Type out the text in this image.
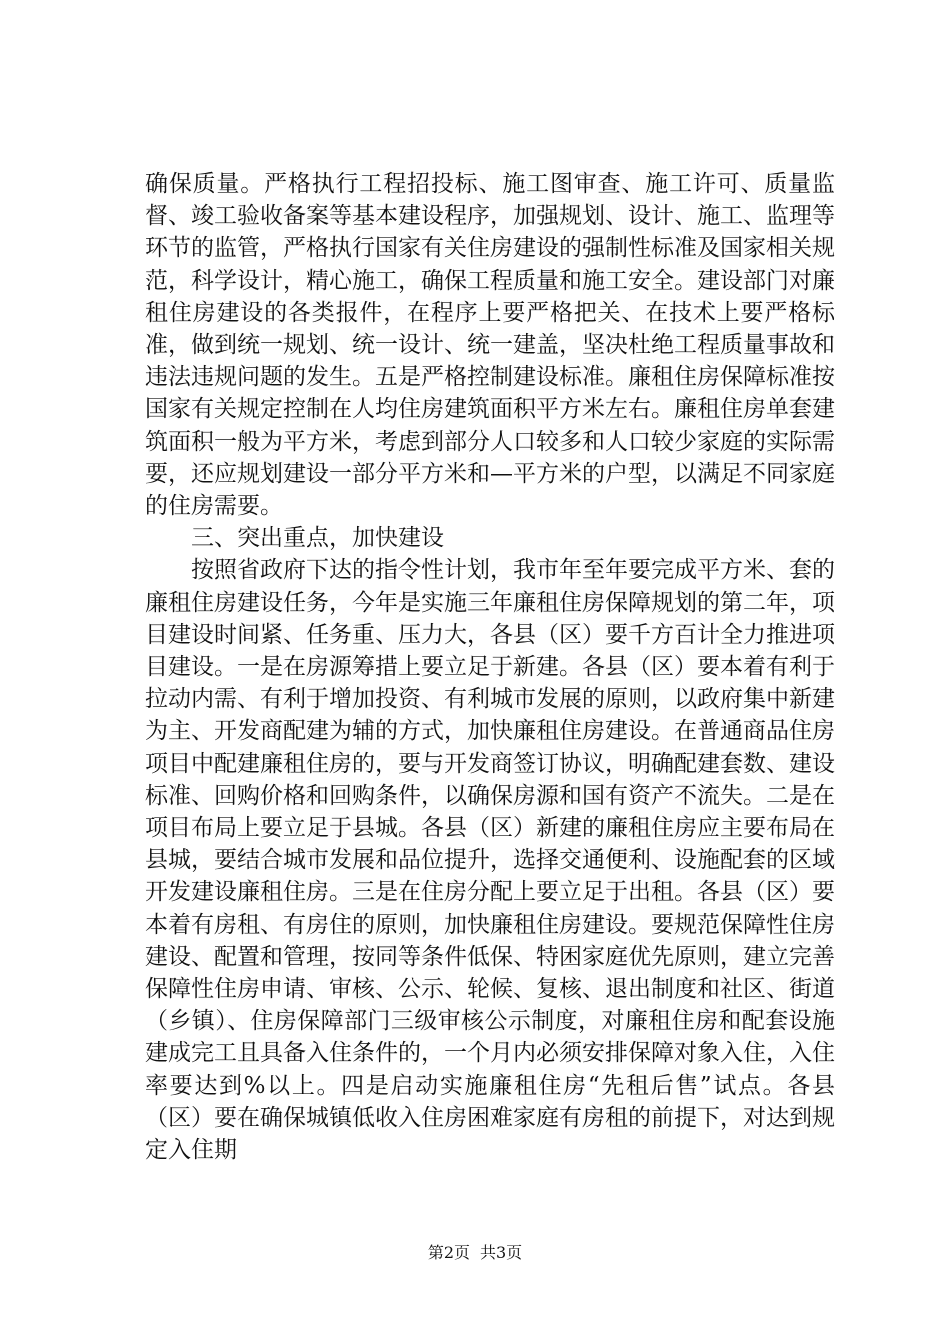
确保质量。严格执行工程招投标、施工图审查、施工许可、质量监督、竣工验收备案等基本建设程序，加强规划、设计、施工、监理等环节的监管，严格执行国家有关住房建设的强制性标准及国家相关规范，科学设计，精心施工，确保工程质量和施工安全。建设部门对廉租住房建设的各类报件，在程序上要严格把关、在技术上要严格标准，做到统一规划、统一设计、统一建盖，坚决杜绝工程质量事故和违法违规问题的发生。五是严格控制建设标准。廉租住房保障标准按国家有关规定控制在人均住房建筑面积平方米左右。廉租住房单套建筑面积一般为平方米，考虑到部分人口较多和人口较少家庭的实际需要，还应规划建设一部分平方米和—平方米的户型，以满足不同家庭的住房需要。

三、突出重点，加快建设

按照省政府下达的指令性计划，我市年至年要完成平方米、套的廉租住房建设任务，今年是实施三年廉租住房保障规划的第二年，项目建设时间紧、任务重、压力大，各县（区）要千方百计全力推进项目建设。一是在房源筹措上要立足于新建。各县（区）要本着有利于拉动内需、有利于增加投资、有利城市发展的原则，以政府集中新建为主、开发商配建为辅的方式，加快廉租住房建设。在普通商品住房项目中配建廉租住房的，要与开发商签订协议，明确配建套数、建设标准、回购价格和回购条件，以确保房源和国有资产不流失。二是在项目布局上要立足于县城。各县（区）新建的廉租住房应主要布局在县城，要结合城市发展和品位提升，选择交通便利、设施配套的区域开发建设廉租住房。三是在住房分配上要立足于出租。各县（区）要本着有房租、有房住的原则，加快廉租住房建设。要规范保障性住房建设、配置和管理，按同等条件低保、特困家庭优先原则，建立完善保障性住房申请、审核、公示、轮候、复核、退出制度和社区、街道（乡镇）、住房保障部门三级审核公示制度，对廉租住房和配套设施建成完工且具备入住条件的，一个月内必须安排保障对象入住，入住率要达到%以上。四是启动实施廉租住房“先租后售”试点。各县（区）要在确保城镇低收入住房困难家庭有房租的前提下，对达到规定入住期

第2页 共3页
